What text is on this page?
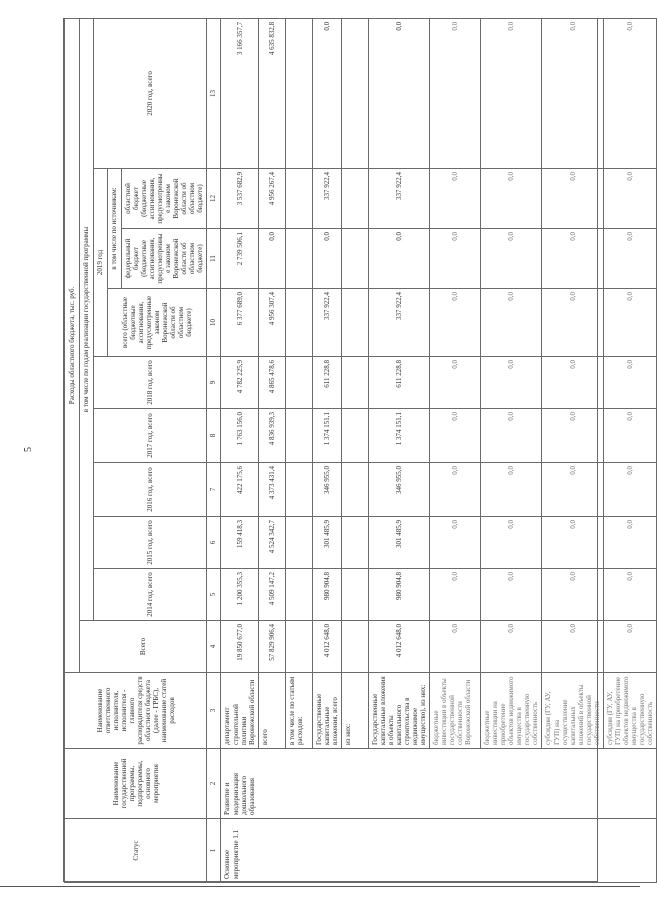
5
Статус	Наименование государственной программы, подпрограммы, основного мероприятия	Наименование ответственного исполнителя, исполнителя - главного распорядителя средств областного бюджета (далее - ГРБС), наименование статей расходов	Расходы областного бюджета, тыс. руб.									
			Всего	в том числе по годам реализации государственной программы								
				2014 год, всего	2015 год, всего	2016 год, всего	2017 год, всего	2018 год, всего	2019 год			2020 год, всего
									всего (областные бюджетные ассигнования, предусмотренные законом Воронежской области об областном бюджете)	в том числе по источникам:		
										федеральный бюджет (бюджетные ассигнования, предусмотренные законом Воронежской области об областном бюджете)	областной бюджет (бюджетные ассигнования, предусмотренные законом Воронежской области об областном бюджете)	
1	2	3	4	5	6	7	8	9	10	11	12	13
Основное мероприятие 1.1	Развитие и модернизация дошкольного образования	департамент строительной политики Воронежской области	19 850 677,0	1 200 355,3	159 418,3	422 175,6	1 763 156,0	4 782 225,9	6 377 689,0	2 739 506,1	3 537 682,9	3 166 357,7
		всего	57 829 906,4	4 509 147,2	4 524 342,7	4 373 431,4	4 836 939,3	4 865 478,6	4 956 307,4	0,0	4 956 267,4	4 635 832,8
		в том числе по статьям расходов:										
		Государственные капитальные вложения, всего	4 012 648,0	980 904,8	301 485,9	346 955,0	1 374 151,1	611 228,8	337 922,4	0,0	337 922,4	0,0
		из них:										
		Государственные капитальные вложения в объекты капитального строительства в недвижимое имущество), из них:	4 012 648,0	980 904,8	301 485,9	346 955,0	1 374 151,1	611 228,8	337 922,4	0,0	337 922,4	0,0
		бюджетные инвестиции в объекты государственной собственности Воронежской области	0,0	0,0	0,0	0,0	0,0	0,0	0,0	0,0	0,0	0,0
		бюджетные инвестиции на приобретение объектов недвижимого имущества в государственную собственность	0,0	0,0	0,0	0,0	0,0	0,0	0,0	0,0	0,0	0,0
		субсидии (ГУ, АУ, ГУП) на осуществление капитальных вложений в объекты государственной собственности	0,0	0,0	0,0	0,0	0,0	0,0	0,0	0,0	0,0	0,0
		субсидии (ГУ, АУ, ГУП) на приобретение объектов недвижимого имущества в государственную собственность	0,0	0,0	0,0	0,0	0,0	0,0	0,0	0,0	0,0	0,0
